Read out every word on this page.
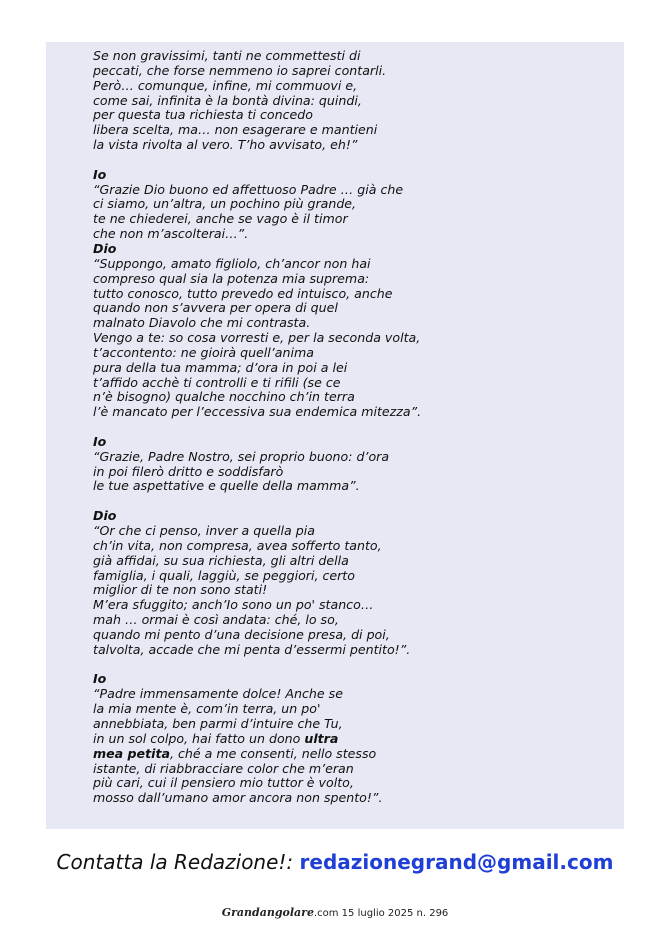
Se non gravissimi, tanti ne commettesti di
peccati, che forse nemmeno io saprei contarli.
Però… comunque, infine, mi commuovi e,
come sai, infinita è la bontà divina: quindi,
per questa tua richiesta ti concedo
libera scelta, ma… non esagerare e mantieni
la vista rivolta al vero. T’ho avvisato, eh!”
Io
“Grazie Dio buono ed affettuoso Padre … già che
ci siamo, un’altra, un pochino più grande,
te ne chiederei, anche se vago è il timor
che non m’ascolterai…”.
Dio
“Suppongo, amato figliolo, ch’ancor non hai
compreso qual sia la potenza mia suprema:
tutto conosco, tutto prevedo ed intuisco, anche
quando non s’avvera per opera di quel
malnato Diavolo che mi contrasta.
Vengo a te: so cosa vorresti e, per la seconda volta,
t’accontento: ne gioirà quell’anima
pura della tua mamma; d’ora in poi a lei
t’affido acchè ti controlli e ti rifili (se ce
n’è bisogno) qualche nocchino ch’in terra
l’è mancato per l’eccessiva sua endemica mitezza”.
Io
“Grazie, Padre Nostro, sei proprio buono: d’ora
in poi filerò dritto e soddisfarò
le tue aspettative e quelle della mamma”.
Dio
“Or che ci penso, inver a quella pia
ch’in vita, non compresa, avea sofferto tanto,
già affidai, su sua richiesta, gli altri della
famiglia, i quali, laggiù, se peggiori, certo
miglior di te non sono stati!
M’era sfuggito; anch’Io sono un po' stanco…
mah … ormai è così andata: ché, lo so,
quando mi pento d’una decisione presa, di poi,
talvolta, accade che mi penta d’essermi pentito!”.
Io
“Padre immensamente dolce! Anche se
la mia mente è, com’in terra, un po'
annebbiata, ben parmi d’intuire che Tu,
in un sol colpo, hai fatto un dono ultra
mea petita, ché a me consenti, nello stesso
istante, di riabbracciare color che m’eran
più cari, cui il pensiero mio tuttor è volto,
mosso dall’umano amor ancora non spento!”.
Contatta la Redazione!: redazionegrand@gmail.com
Grandangolare.com 15 luglio 2025 n. 296
